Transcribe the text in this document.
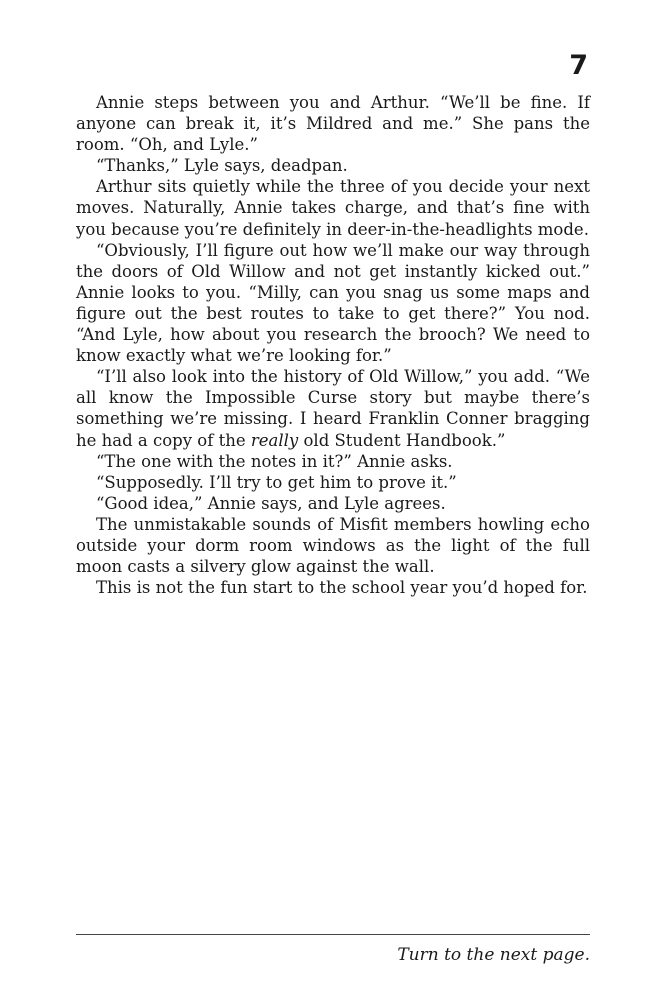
7

Annie steps between you and Arthur. “We’ll be fine. If anyone can break it, it’s Mildred and me.” She pans the room. “Oh, and Lyle.”

“Thanks,” Lyle says, deadpan.

Arthur sits quietly while the three of you decide your next moves. Naturally, Annie takes charge, and that’s fine with you because you’re definitely in deer-in-the-headlights mode.

“Obviously, I’ll figure out how we’ll make our way through the doors of Old Willow and not get instantly kicked out.” Annie looks to you. “Milly, can you snag us some maps and figure out the best routes to take to get there?” You nod. “And Lyle, how about you research the brooch? We need to know exactly what we’re looking for.”

“I’ll also look into the history of Old Willow,” you add. “We all know the Impossible Curse story but maybe there’s something we’re missing. I heard Franklin Conner bragging he had a copy of the really old Student Handbook.”

“The one with the notes in it?” Annie asks.

“Supposedly. I’ll try to get him to prove it.”

“Good idea,” Annie says, and Lyle agrees.

The unmistakable sounds of Misfit members howling echo outside your dorm room windows as the light of the full moon casts a silvery glow against the wall.

This is not the fun start to the school year you’d hoped for.

Turn to the next page.
